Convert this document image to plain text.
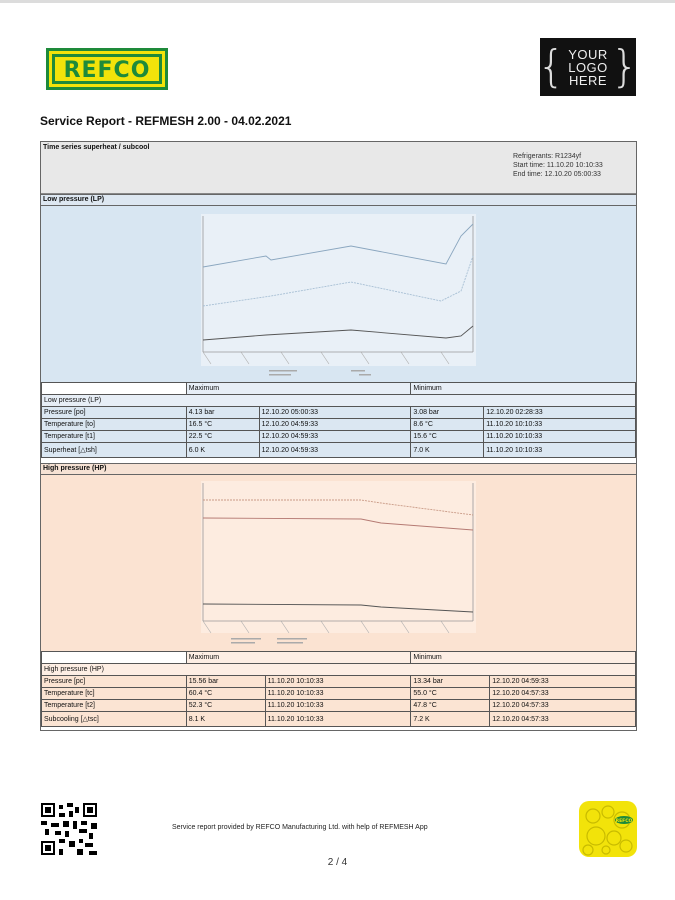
REFCO	{ YOUR
LOGO
HERE }
Service Report - REFMESH 2.00 - 04.02.2021
Time series superheat / subcool
Refrigerants: R1234yf
Start time: 11.10.20 10:10:33
End time: 12.10.20 05:00:33
Low pressure (LP)
	Maximum		Minimum	
Low pressure (LP)				
Pressure [po]	4.13 bar	12.10.20 05:00:33	3.08 bar	12.10.20 02:28:33
Temperature [to]	16.5 °C	12.10.20 04:59:33	8.6 °C	11.10.20 10:10:33
Temperature [t1]	22.5 °C	12.10.20 04:59:33	15.6 °C	11.10.20 10:10:33
Superheat [△tsh]	6.0 K	12.10.20 04:59:33	7.0 K	11.10.20 10:10:33
High pressure (HP)
	Maximum		Minimum	
High pressure (HP)				
Pressure [pc]	15.56 bar	11.10.20 10:10:33	13.34 bar	12.10.20 04:59:33
Temperature [tc]	60.4 °C	11.10.20 10:10:33	55.0 °C	12.10.20 04:57:33
Temperature [t2]	52.3 °C	11.10.20 10:10:33	47.8 °C	12.10.20 04:57:33
Subcooling [△tsc]	8.1 K	11.10.20 10:10:33	7.2 K	12.10.20 04:57:33
Service report provided by REFCO Manufacturing Ltd. with help of REFMESH App
2 / 4
REFCO
